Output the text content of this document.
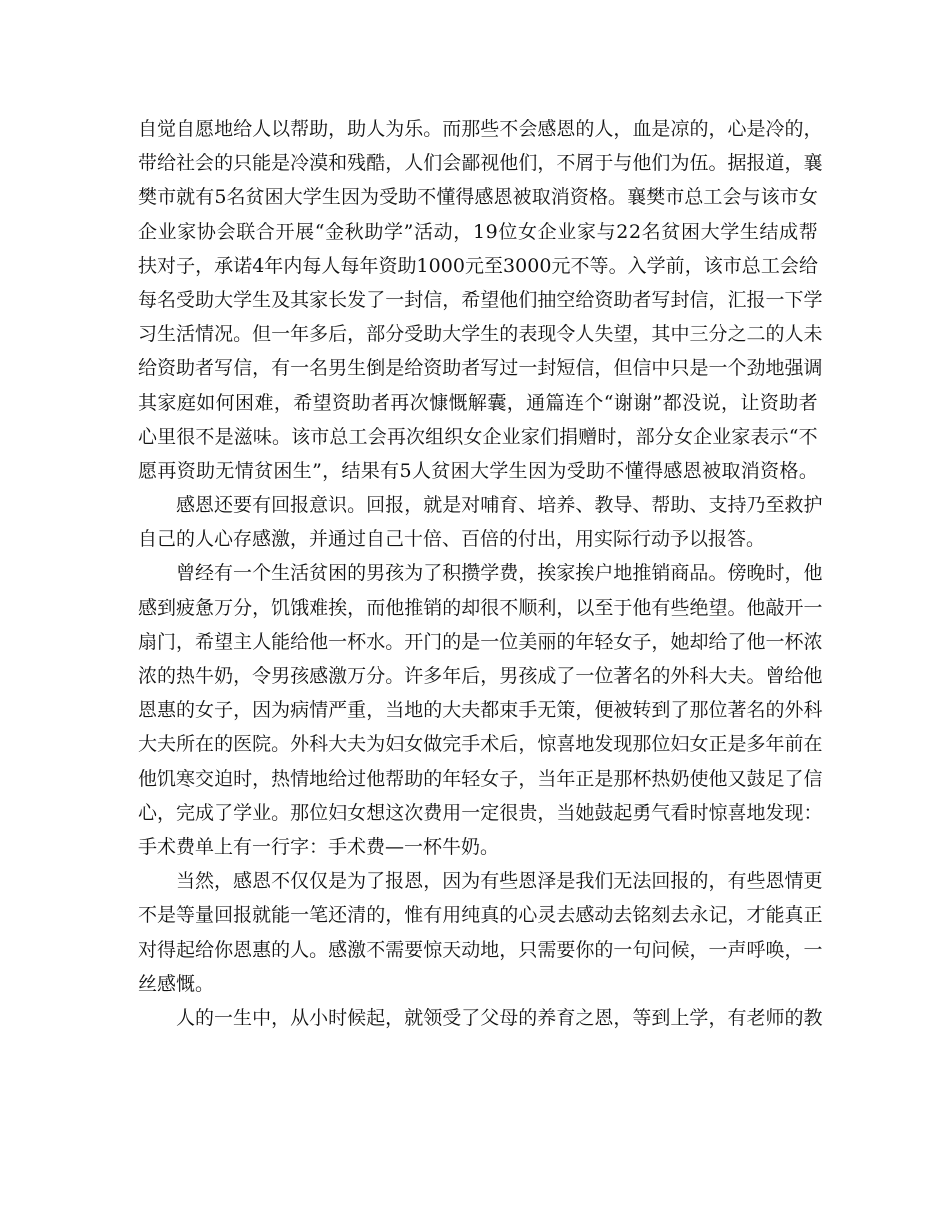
自 觉 自 愿 地 给 人 以 帮 助 ， 助 人 为 乐 。 而 那 些 不 会 感 恩 的 人 ， 血 是 凉 的 ， 心 是 冷 的 ，
带 给 社 会 的 只 能 是 冷 漠 和 残 酷 ， 人 们 会 鄙 视 他 们 ， 不 屑 于 与 他 们 为 伍 。 据 报 道 ， 襄
樊 市 就 有 5 名 贫 困 大 学 生 因 为 受 助 不 懂 得 感 恩 被 取 消 资 格 。 襄 樊 市 总 工 会 与 该 市 女
企 业 家 协 会 联 合 开 展 “ 金 秋 助 学 ” 活 动 ， 1 9 位 女 企 业 家 与 2 2 名 贫 困 大 学 生 结 成 帮
扶 对 子 ， 承 诺 4 年 内 每 人 每 年 资 助 1 0 0 0 元 至 3 0 0 0 元 不 等 。 入 学 前 ， 该 市 总 工 会 给
每 名 受 助 大 学 生 及 其 家 长 发 了 一 封 信 ， 希 望 他 们 抽 空 给 资 助 者 写 封 信 ， 汇 报 一 下 学
习 生 活 情 况 。 但 一 年 多 后 ， 部 分 受 助 大 学 生 的 表 现 令 人 失 望 ， 其 中 三 分 之 二 的 人 未
给 资 助 者 写 信 ， 有 一 名 男 生 倒 是 给 资 助 者 写 过 一 封 短 信 ， 但 信 中 只 是 一 个 劲 地 强 调
其 家 庭 如 何 困 难 ， 希 望 资 助 者 再 次 慷 慨 解 囊 ， 通 篇 连 个 “ 谢 谢 ” 都 没 说 ， 让 资 助 者
心 里 很 不 是 滋 味 。 该 市 总 工 会 再 次 组 织 女 企 业 家 们 捐 赠 时 ， 部 分 女 企 业 家 表 示 “ 不
愿 再 资 助 无 情 贫 困 生 ” ， 结 果 有 5 人 贫 困 大 学 生 因 为 受 助 不 懂 得 感 恩 被 取 消 资 格 。
感 恩 还 要 有 回 报 意 识 。 回 报 ， 就 是 对 哺 育 、 培 养 、 教 导 、 帮 助 、 支 持 乃 至 救 护
自己的人心存感激，并通过自己十倍、百倍的付出，用实际行动予以报答。
曾 经 有 一 个 生 活 贫 困 的 男 孩 为 了 积 攒 学 费 ， 挨 家 挨 户 地 推 销 商 品 。 傍 晚 时 ， 他
感 到 疲 惫 万 分 ， 饥 饿 难 挨 ， 而 他 推 销 的 却 很 不 顺 利 ， 以 至 于 他 有 些 绝 望 。 他 敲 开 一
扇 门 ， 希 望 主 人 能 给 他 一 杯 水 。 开 门 的 是 一 位 美 丽 的 年 轻 女 子 ， 她 却 给 了 他 一 杯 浓
浓 的 热 牛 奶 ， 令 男 孩 感 激 万 分 。 许 多 年 后 ， 男 孩 成 了 一 位 著 名 的 外 科 大 夫 。 曾 给 他
恩 惠 的 女 子 ， 因 为 病 情 严 重 ， 当 地 的 大 夫 都 束 手 无 策 ， 便 被 转 到 了 那 位 著 名 的 外 科
大 夫 所 在 的 医 院 。 外 科 大 夫 为 妇 女 做 完 手 术 后 ， 惊 喜 地 发 现 那 位 妇 女 正 是 多 年 前 在
他 饥 寒 交 迫 时 ， 热 情 地 给 过 他 帮 助 的 年 轻 女 子 ， 当 年 正 是 那 杯 热 奶 使 他 又 鼓 足 了 信
心 ， 完 成 了 学 业 。 那 位 妇 女 想 这 次 费 用 一 定 很 贵 ， 当 她 鼓 起 勇 气 看 时 惊 喜 地 发 现 ：
手术费单上有一行字：手术费—一杯牛奶。
当 然 ， 感 恩 不 仅 仅 是 为 了 报 恩 ， 因 为 有 些 恩 泽 是 我 们 无 法 回 报 的 ， 有 些 恩 情 更
不 是 等 量 回 报 就 能 一 笔 还 清 的 ， 惟 有 用 纯 真 的 心 灵 去 感 动 去 铭 刻 去 永 记 ， 才 能 真 正
对 得 起 给 你 恩 惠 的 人 。 感 激 不 需 要 惊 天 动 地 ， 只 需 要 你 的 一 句 问 候 ， 一 声 呼 唤 ， 一
丝感慨。
人 的 一 生 中 ， 从 小 时 候 起 ， 就 领 受 了 父 母 的 养 育 之 恩 ， 等 到 上 学 ， 有 老 师 的 教
